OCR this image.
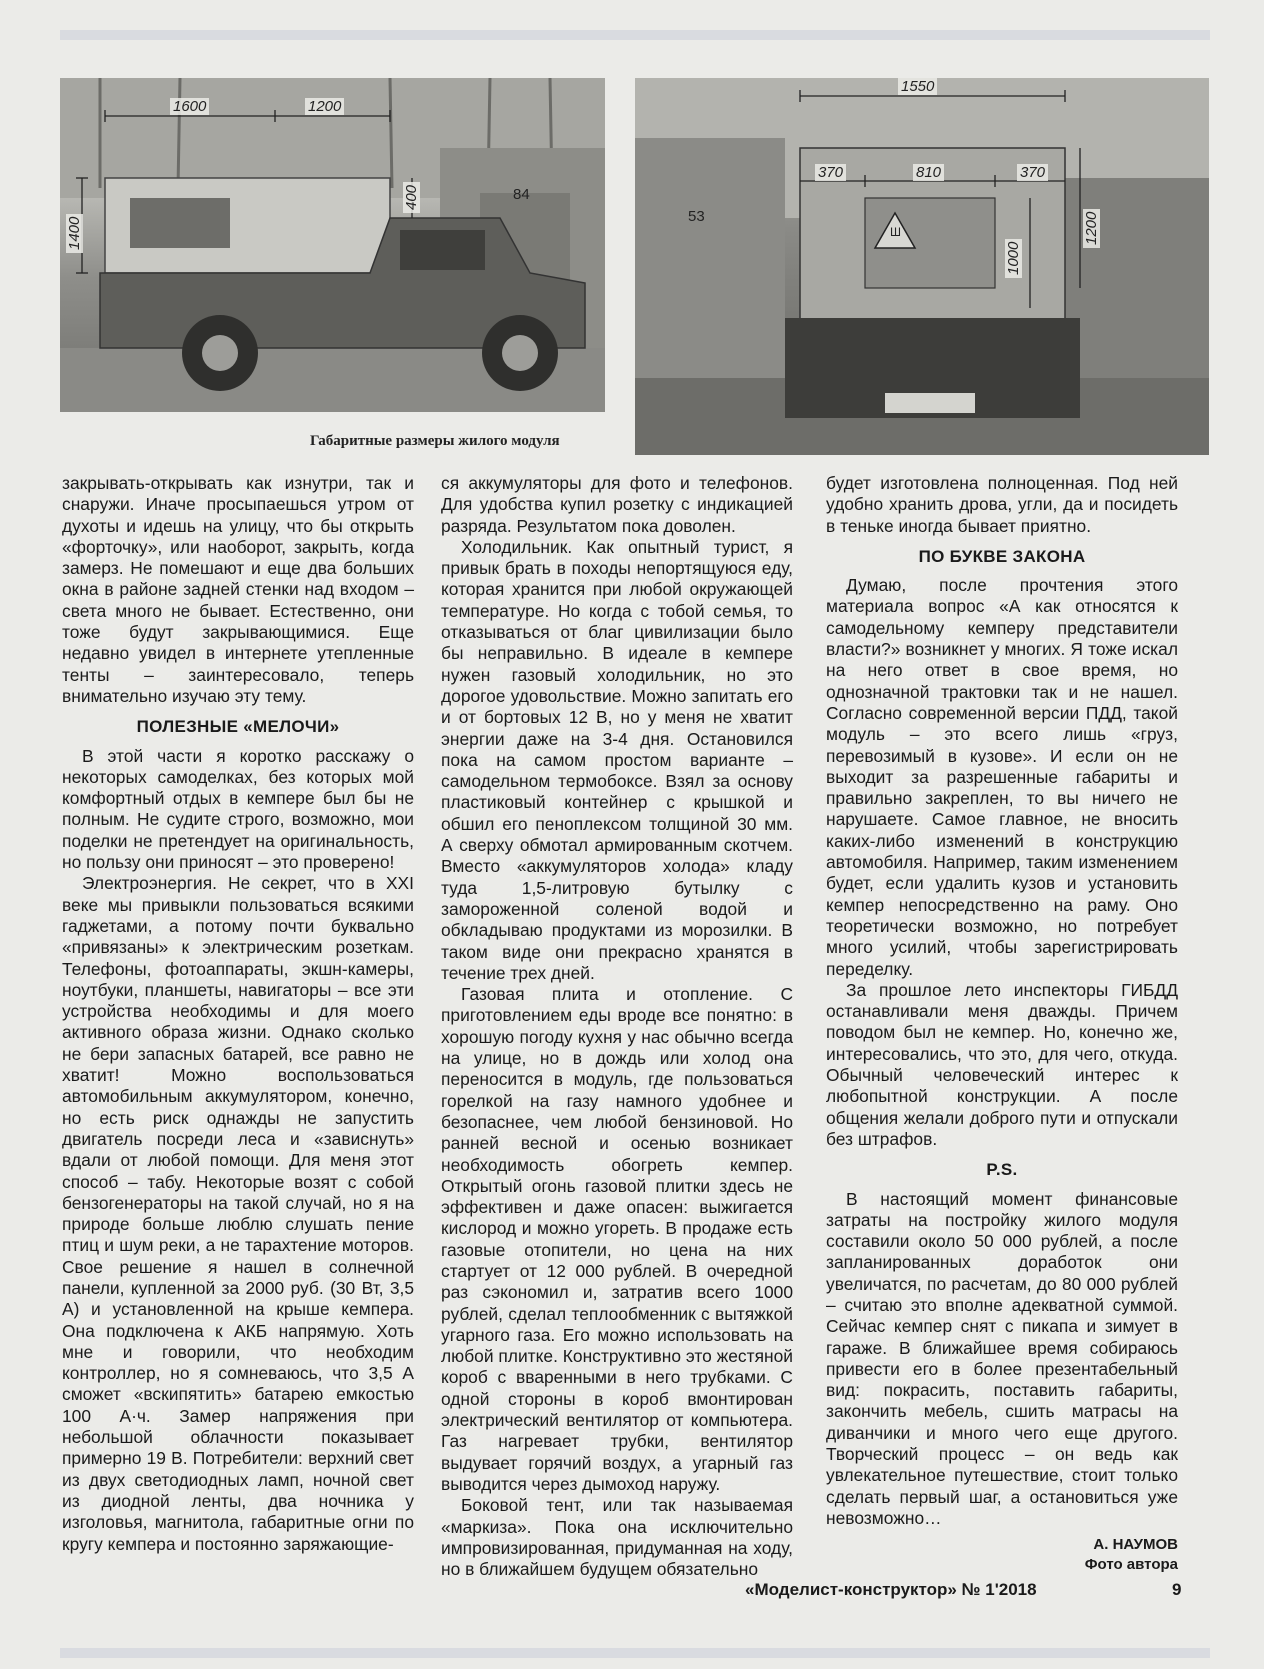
1600	1200
1400
400	84
1550
370	810	370
1000
1200
53
Ш
Габаритные размеры жилого модуля

закрывать-открывать как изнутри, так и снаружи. Иначе просыпаешься утром от духоты и идешь на улицу, что бы открыть «форточку», или наоборот, закрыть, когда замерз. Не помешают и еще два больших окна в районе задней стенки над входом – света много не бывает. Естественно, они тоже будут закрывающимися. Еще недавно увидел в интернете утепленные тенты – заинтересовало, теперь внимательно изучаю эту тему.

ПОЛЕЗНЫЕ «МЕЛОЧИ»

В этой части я коротко расскажу о некоторых самоделках, без которых мой комфортный отдых в кемпере был бы не полным. Не судите строго, возможно, мои поделки не претендует на оригинальность, но пользу они приносят – это проверено!

Электроэнергия. Не секрет, что в XXI веке мы привыкли пользоваться всякими гаджетами, а потому почти буквально «привязаны» к электрическим розеткам. Телефоны, фотоаппараты, экшн-камеры, ноутбуки, планшеты, навигаторы – все эти устройства необходимы и для моего активного образа жизни. Однако сколько не бери запасных батарей, все равно не хватит! Можно воспользоваться автомобильным аккумулятором, конечно, но есть риск однажды не запустить двигатель посреди леса и «зависнуть» вдали от любой помощи. Для меня этот способ – табу. Некоторые возят с собой бензогенераторы на такой случай, но я на природе больше люблю слушать пение птиц и шум реки, а не тарахтение моторов. Свое решение я нашел в солнечной панели, купленной за 2000 руб. (30 Вт, 3,5 А) и установленной на крыше кемпера. Она подключена к АКБ напрямую. Хоть мне и говорили, что необходим контроллер, но я сомневаюсь, что 3,5 А сможет «вскипятить» батарею емкостью 100 А·ч. Замер напряжения при небольшой облачности показывает примерно 19 В. Потребители: верхний свет из двух светодиодных ламп, ночной свет из диодной ленты, два ночника у изголовья, магнитола, габаритные огни по кругу кемпера и постоянно заряжающие-

ся аккумуляторы для фото и телефонов. Для удобства купил розетку с индикацией разряда. Результатом пока доволен.

Холодильник. Как опытный турист, я привык брать в походы непортящуюся еду, которая хранится при любой окружающей температуре. Но когда с тобой семья, то отказываться от благ цивилизации было бы неправильно. В идеале в кемпере нужен газовый холодильник, но это дорогое удовольствие. Можно запитать его и от бортовых 12 В, но у меня не хватит энергии даже на 3-4 дня. Остановился пока на самом простом варианте – самодельном термобоксе. Взял за основу пластиковый контейнер с крышкой и обшил его пеноплексом толщиной 30 мм. А сверху обмотал армированным скотчем. Вместо «аккумуляторов холода» кладу туда 1,5-литровую бутылку с замороженной соленой водой и обкладываю продуктами из морозилки. В таком виде они прекрасно хранятся в течение трех дней.

Газовая плита и отопление. С приготовлением еды вроде все понятно: в хорошую погоду кухня у нас обычно всегда на улице, но в дождь или холод она переносится в модуль, где пользоваться горелкой на газу намного удобнее и безопаснее, чем любой бензиновой. Но ранней весной и осенью возникает необходимость обогреть кемпер. Открытый огонь газовой плитки здесь не эффективен и даже опасен: выжигается кислород и можно угореть. В продаже есть газовые отопители, но цена на них стартует от 12 000 рублей. В очередной раз сэкономил и, затратив всего 1000 рублей, сделал теплообменник с вытяжкой угарного газа. Его можно использовать на любой плитке. Конструктивно это жестяной короб с вваренными в него трубками. С одной стороны в короб вмонтирован электрический вентилятор от компьютера. Газ нагревает трубки, вентилятор выдувает горячий воздух, а угарный газ выводится через дымоход наружу.

Боковой тент, или так называемая «маркиза». Пока она исключительно импровизированная, придуманная на ходу, но в ближайшем будущем обязательно

будет изготовлена полноценная. Под ней удобно хранить дрова, угли, да и посидеть в теньке иногда бывает приятно.

ПО БУКВЕ ЗАКОНА

Думаю, после прочтения этого материала вопрос «А как относятся к самодельному кемперу представители власти?» возникнет у многих. Я тоже искал на него ответ в свое время, но однозначной трактовки так и не нашел. Согласно современной версии ПДД, такой модуль – это всего лишь «груз, перевозимый в кузове». И если он не выходит за разрешенные габариты и правильно закреплен, то вы ничего не нарушаете. Самое главное, не вносить каких-либо изменений в конструкцию автомобиля. Например, таким изменением будет, если удалить кузов и установить кемпер непосредственно на раму. Оно теоретически возможно, но потребует много усилий, чтобы зарегистрировать переделку.

За прошлое лето инспекторы ГИБДД останавливали меня дважды. Причем поводом был не кемпер. Но, конечно же, интересовались, что это, для чего, откуда. Обычный человеческий интерес к любопытной конструкции. А после общения желали доброго пути и отпускали без штрафов.

P.S.

В настоящий момент финансовые затраты на постройку жилого модуля составили около 50 000 рублей, а после запланированных доработок они увеличатся, по расчетам, до 80 000 рублей – считаю это вполне адекватной суммой. Сейчас кемпер снят с пикапа и зимует в гараже. В ближайшее время собираюсь привести его в более презентабельный вид: покрасить, поставить габариты, закончить мебель, сшить матрасы на диванчики и много чего еще другого. Творческий процесс – он ведь как увлекательное путешествие, стоит только сделать первый шаг, а остановиться уже невозможно…

А. НАУМОВ
Фото автора
«Моделист-конструктор» № 1'2018	9
